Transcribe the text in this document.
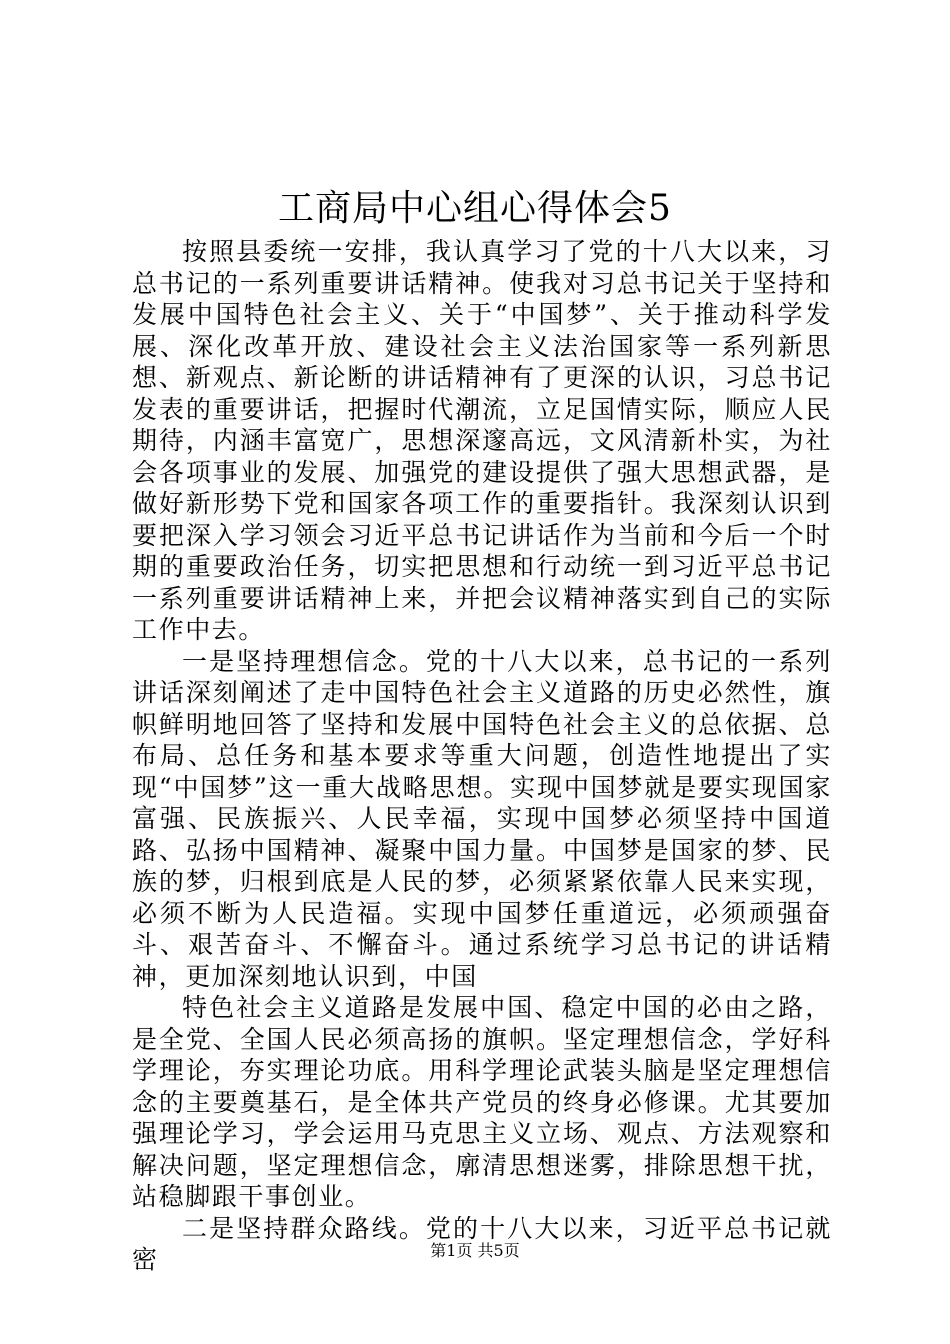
工商局中心组心得体会5

按照县委统一安排，我认真学习了党的十八大以来，习总书记的一系列重要讲话精神。使我对习总书记关于坚持和发展中国特色社会主义、关于“中国梦”、关于推动科学发展、深化改革开放、建设社会主义法治国家等一系列新思想、新观点、新论断的讲话精神有了更深的认识，习总书记发表的重要讲话，把握时代潮流，立足国情实际，顺应人民期待，内涵丰富宽广，思想深邃高远，文风清新朴实，为社会各项事业的发展、加强党的建设提供了强大思想武器，是做好新形势下党和国家各项工作的重要指针。我深刻认识到要把深入学习领会习近平总书记讲话作为当前和今后一个时期的重要政治任务，切实把思想和行动统一到习近平总书记一系列重要讲话精神上来，并把会议精神落实到自己的实际工作中去。

一是坚持理想信念。党的十八大以来，总书记的一系列讲话深刻阐述了走中国特色社会主义道路的历史必然性，旗帜鲜明地回答了坚持和发展中国特色社会主义的总依据、总布局、总任务和基本要求等重大问题，创造性地提出了实现“中国梦”这一重大战略思想。实现中国梦就是要实现国家富强、民族振兴、人民幸福，实现中国梦必须坚持中国道路、弘扬中国精神、凝聚中国力量。中国梦是国家的梦、民族的梦，归根到底是人民的梦，必须紧紧依靠人民来实现，必须不断为人民造福。实现中国梦任重道远，必须顽强奋斗、艰苦奋斗、不懈奋斗。通过系统学习总书记的讲话精神，更加深刻地认识到，中国

特色社会主义道路是发展中国、稳定中国的必由之路，是全党、全国人民必须高扬的旗帜。坚定理想信念，学好科学理论，夯实理论功底。用科学理论武装头脑是坚定理想信念的主要奠基石，是全体共产党员的终身必修课。尤其要加强理论学习，学会运用马克思主义立场、观点、方法观察和解决问题，坚定理想信念，廓清思想迷雾，排除思想干扰，站稳脚跟干事创业。

二是坚持群众路线。党的十八大以来，习近平总书记就密	第1页 共5页
